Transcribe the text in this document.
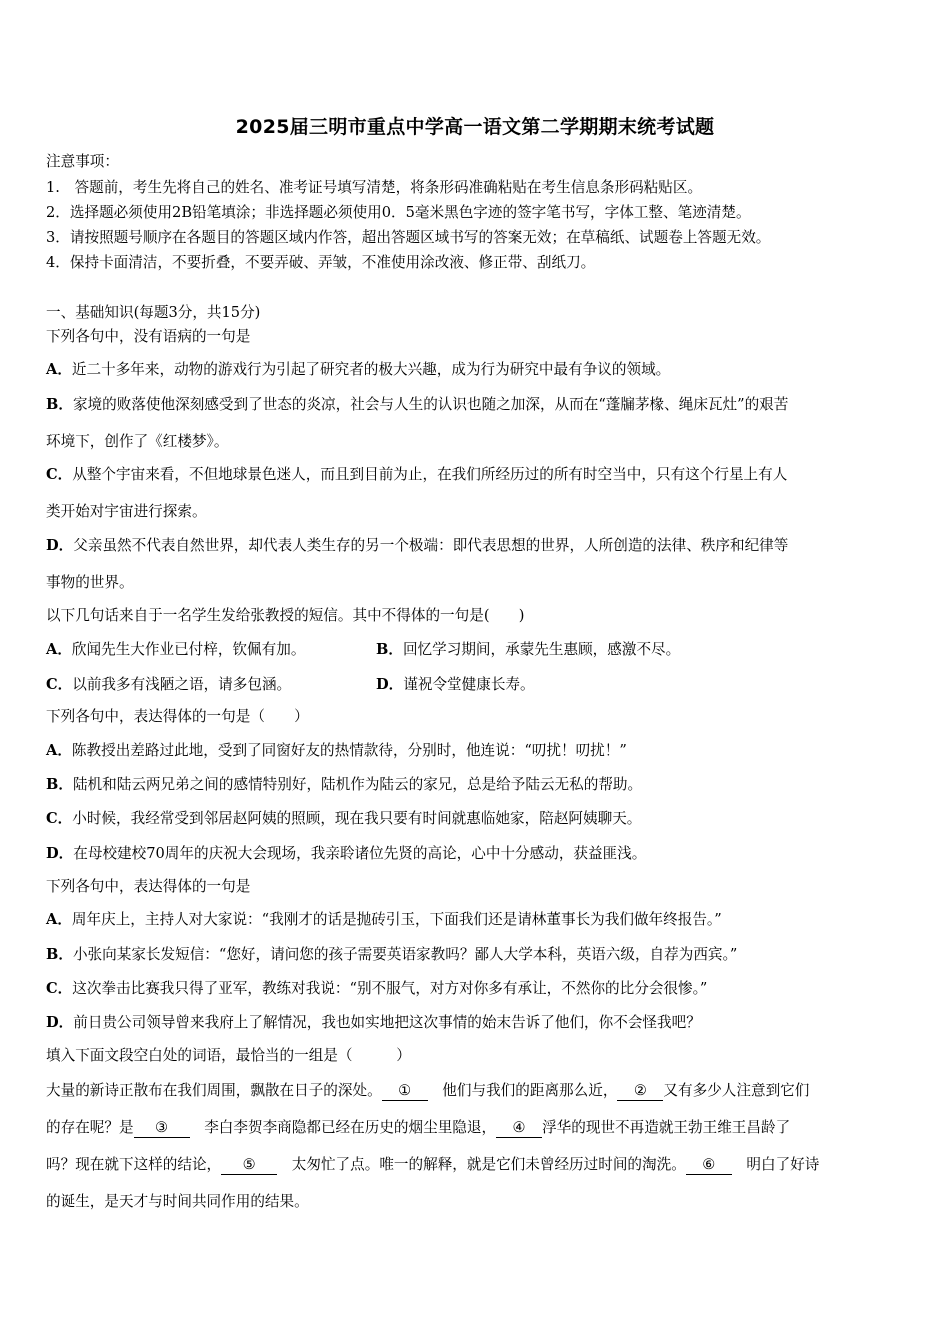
2025届三明市重点中学高一语文第二学期期末统考试题
注意事项：
1.　答题前，考生先将自己的姓名、准考证号填写清楚，将条形码准确粘贴在考生信息条形码粘贴区。
2．选择题必须使用2B铅笔填涂；非选择题必须使用0．5毫米黑色字迹的签字笔书写，字体工整、笔迹清楚。
3．请按照题号顺序在各题目的答题区域内作答，超出答题区域书写的答案无效；在草稿纸、试题卷上答题无效。
4．保持卡面清洁，不要折叠，不要弄破、弄皱，不准使用涂改液、修正带、刮纸刀。
一、基础知识(每题3分，共15分)
下列各句中，没有语病的一句是
A．近二十多年来，动物的游戏行为引起了研究者的极大兴趣，成为行为研究中最有争议的领域。
B．家境的败落使他深刻感受到了世态的炎凉，社会与人生的认识也随之加深，从而在“蓬牖茅椽、绳床瓦灶”的艰苦
环境下，创作了《红楼梦》。
C．从整个宇宙来看，不但地球景色迷人，而且到目前为止，在我们所经历过的所有时空当中，只有这个行星上有人
类开始对宇宙进行探索。
D．父亲虽然不代表自然世界，却代表人类生存的另一个极端：即代表思想的世界，人所创造的法律、秩序和纪律等
事物的世界。
以下几句话来自于一名学生发给张教授的短信。其中不得体的一句是(　　)
A．欣闻先生大作业已付梓，钦佩有加。	B．回忆学习期间，承蒙先生惠顾，感激不尽。
C．以前我多有浅陋之语，请多包涵。	D．谨祝令堂健康长寿。
下列各句中，表达得体的一句是（　　）
A．陈教授出差路过此地，受到了同窗好友的热情款待，分别时，他连说：“叨扰！叨扰！”
B．陆机和陆云两兄弟之间的感情特别好，陆机作为陆云的家兄，总是给予陆云无私的帮助。
C．小时候，我经常受到邻居赵阿姨的照顾，现在我只要有时间就惠临她家，陪赵阿姨聊天。
D．在母校建校70周年的庆祝大会现场，我亲聆诸位先贤的高论，心中十分感动，获益匪浅。
下列各句中，表达得体的一句是
A．周年庆上，主持人对大家说：“我刚才的话是抛砖引玉，下面我们还是请林董事长为我们做年终报告。”
B．小张向某家长发短信：“您好，请问您的孩子需要英语家教吗？鄙人大学本科，英语六级，自荐为西宾。”
C．这次拳击比赛我只得了亚军，教练对我说：“别不服气，对方对你多有承让，不然你的比分会很惨。”
D．前日贵公司领导曾来我府上了解情况，我也如实地把这次事情的始末告诉了他们，你不会怪我吧？
填入下面文段空白处的词语，最恰当的一组是（　　　）
大量的新诗正散布在我们周围，飘散在日子的深处。 ①　 他们与我们的距离那么近， ② 又有多少人注意到它们
的存在呢？是 ③　 李白李贺李商隐都已经在历史的烟尘里隐退， ④ 浮华的现世不再造就王勃王维王昌龄了
吗？现在就下这样的结论， ⑤　 太匆忙了点。唯一的解释，就是它们未曾经历过时间的淘洗。 ⑥　 明白了好诗
的诞生，是天才与时间共同作用的结果。
